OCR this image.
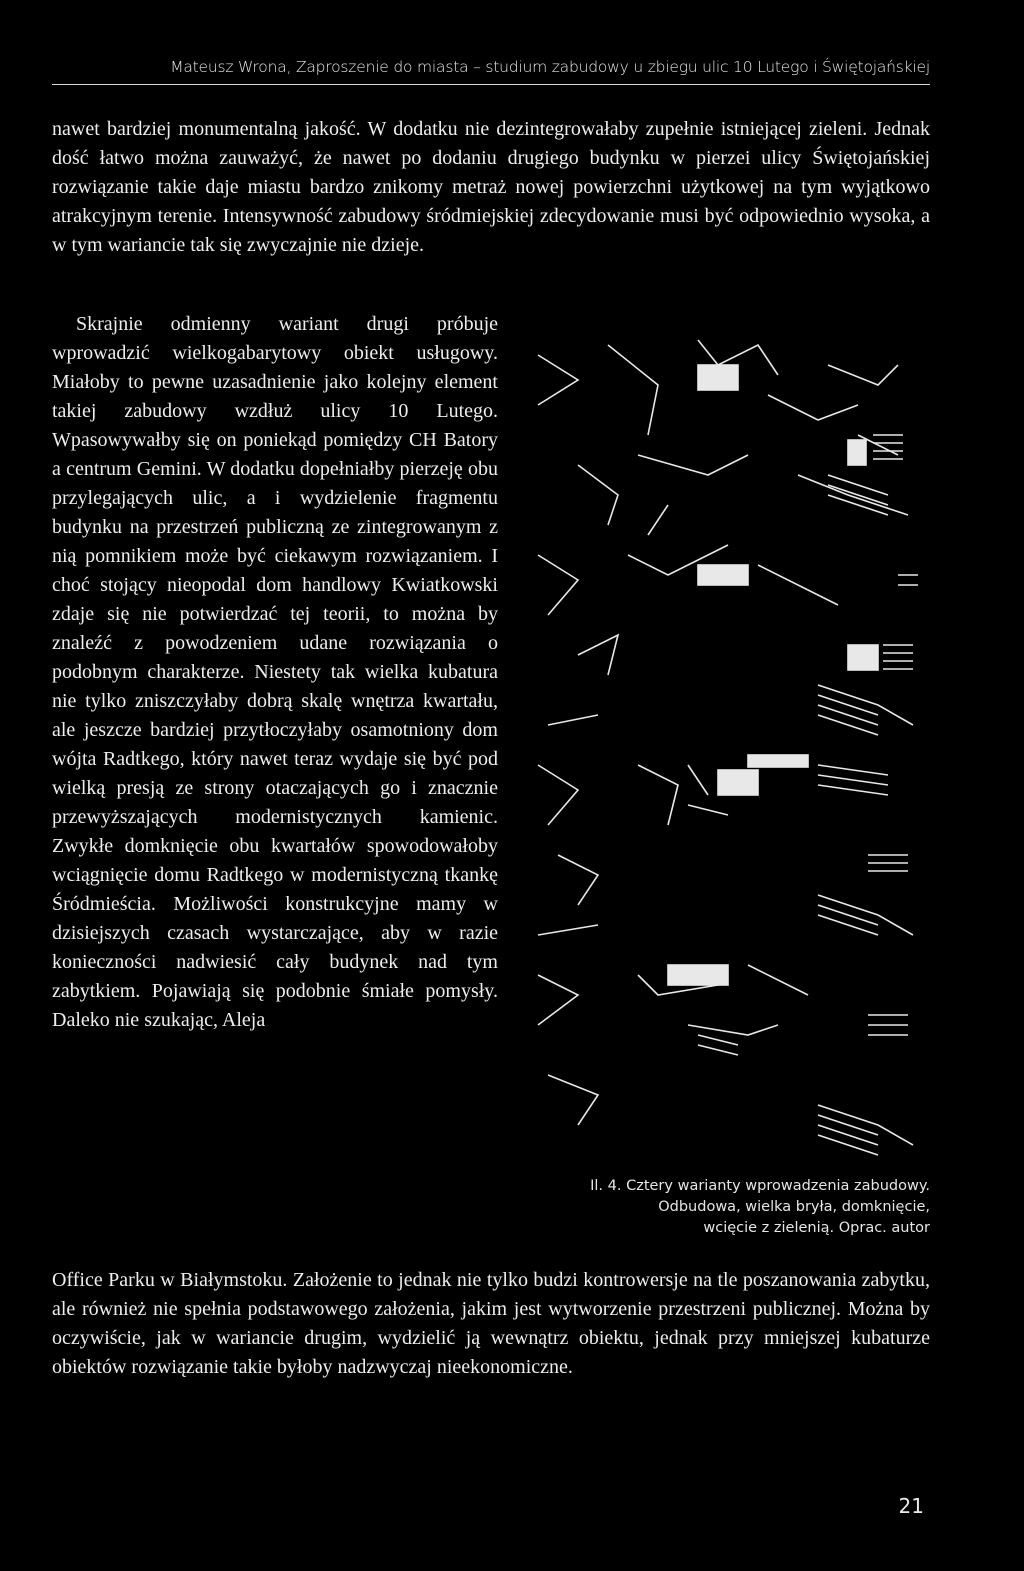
Mateusz Wrona, Zaproszenie do miasta – studium zabudowy u zbiegu ulic 10 Lutego i Świętojańskiej

nawet bardziej monumentalną jakość. W dodatku nie dezintegrowałaby zupełnie istniejącej zieleni. Jednak dość łatwo można zauważyć, że nawet po dodaniu drugiego budynku w pierzei ulicy Świętojańskiej rozwiązanie takie daje miastu bardzo znikomy metraż nowej powierzchni użytkowej na tym wyjątkowo atrakcyjnym terenie. Intensywność zabudowy śródmiejskiej zdecydowanie musi być odpowiednio wysoka, a w tym wariancie tak się zwyczajnie nie dzieje.

Skrajnie odmienny wariant drugi próbuje wprowadzić wielkogabarytowy obiekt usługowy. Miałoby to pewne uzasadnienie jako kolejny element takiej zabudowy wzdłuż ulicy 10 Lutego. Wpasowywałby się on poniekąd pomiędzy CH Batory a centrum Gemini. W dodatku dopełniałby pierzeję obu przylegających ulic, a i wydzielenie fragmentu budynku na przestrzeń publiczną ze zintegrowanym z nią pomnikiem może być ciekawym rozwiązaniem. I choć stojący nieopodal dom handlowy Kwiatkowski zdaje się nie potwierdzać tej teorii, to można by znaleźć z powodzeniem udane rozwiązania o podobnym charakterze. Niestety tak wielka kubatura nie tylko zniszczyłaby dobrą skalę wnętrza kwartału, ale jeszcze bardziej przytłoczyłaby osamotniony dom wójta Radtkego, który nawet teraz wydaje się być pod wielką presją ze strony otaczających go i znacznie przewyższających modernistycznych kamienic. Zwykłe domknięcie obu kwartałów spowodowałoby wciągnięcie domu Radtkego w modernistyczną tkankę Śródmieścia. Możliwości konstrukcyjne mamy w dzisiejszych czasach wystarczające, aby w razie konieczności nadwiesić cały budynek nad tym zabytkiem. Pojawiają się podobnie śmiałe pomysły. Daleko nie szukając, Aleja

Il. 4. Cztery warianty wprowadzenia zabudowy.
Odbudowa, wielka bryła, domknięcie,
wcięcie z zielenią. Oprac. autor

Office Parku w Białymstoku. Założenie to jednak nie tylko budzi kontrowersje na tle poszanowania zabytku, ale również nie spełnia podstawowego założenia, jakim jest wytworzenie przestrzeni publicznej. Można by oczywiście, jak w wariancie drugim, wydzielić ją wewnątrz obiektu, jednak przy mniejszej kubaturze obiektów rozwiązanie takie byłoby nadzwyczaj nieekonomiczne.

21
